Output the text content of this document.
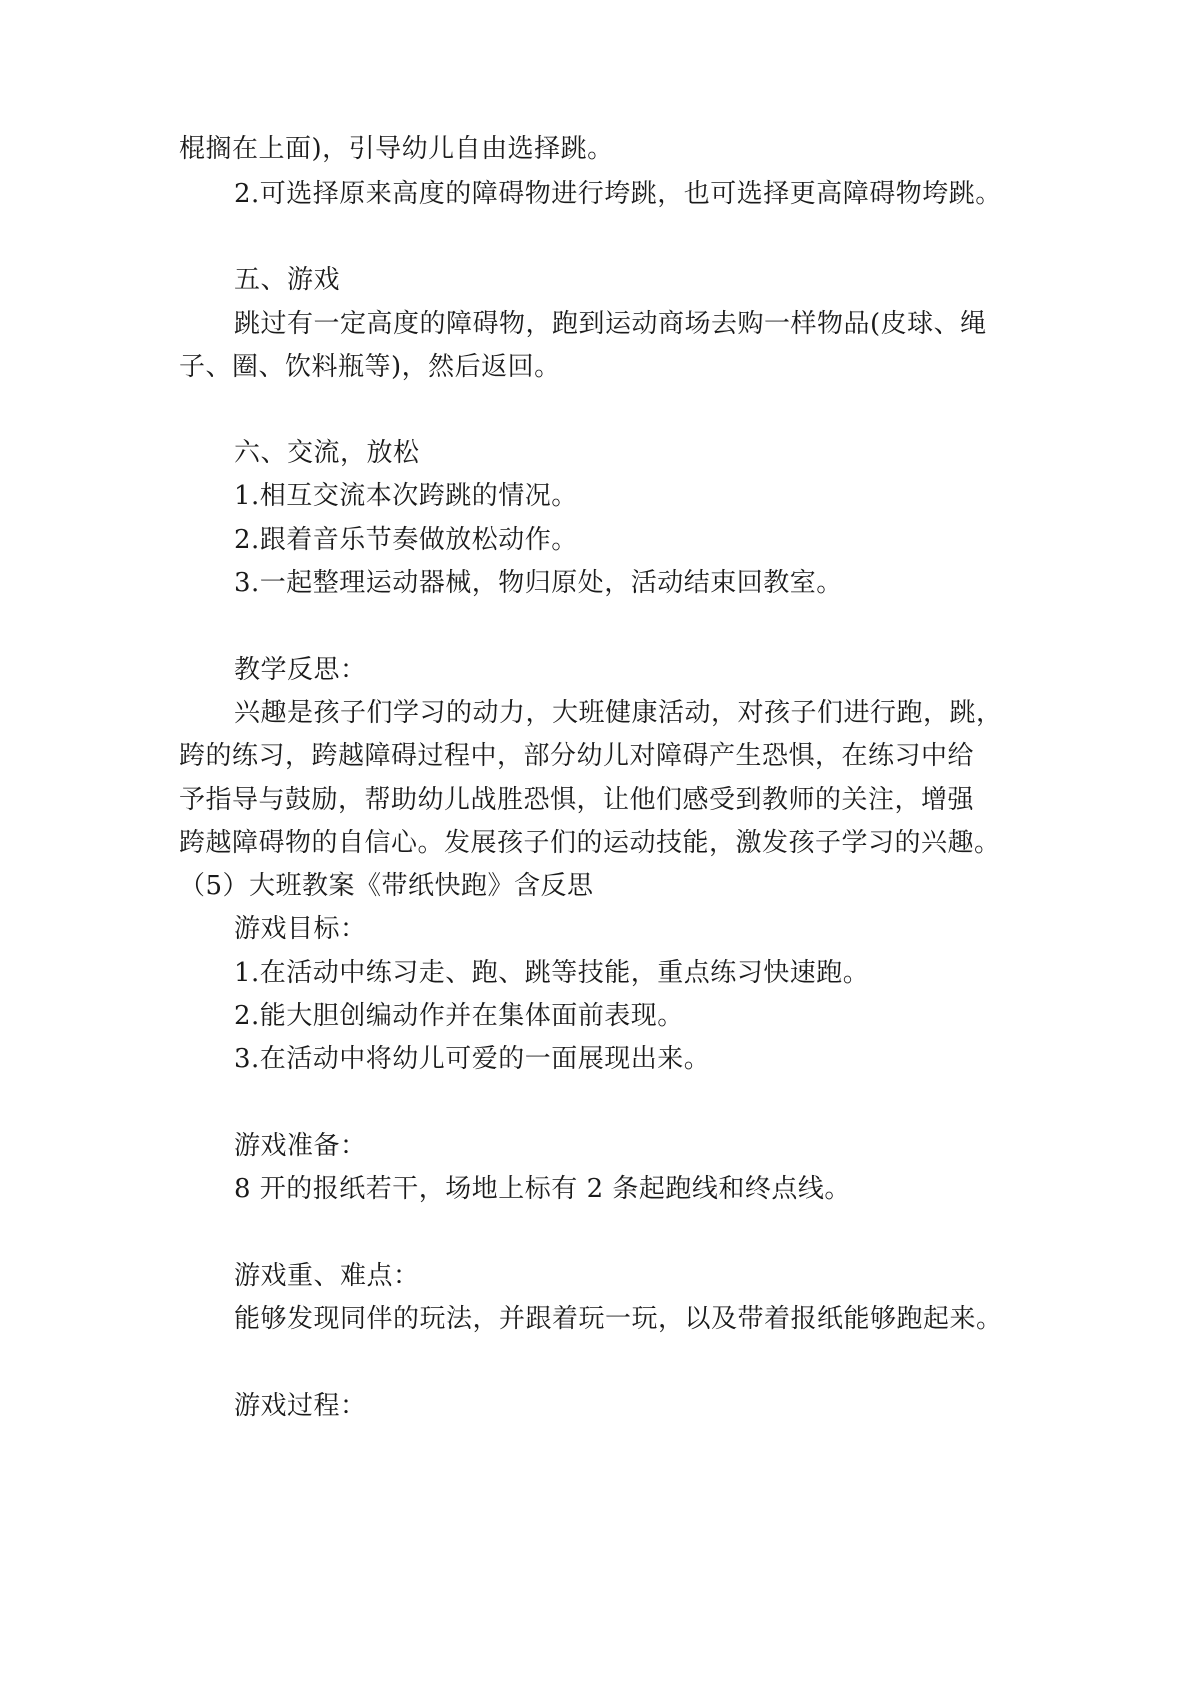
棍搁在上面)，引导幼儿自由选择跳。

2.可选择原来高度的障碍物进行垮跳，也可选择更高障碍物垮跳。

五、游戏

跳过有一定高度的障碍物，跑到运动商场去购一样物品(皮球、绳

子、圈、饮料瓶等)，然后返回。

六、交流，放松

1.相互交流本次跨跳的情况。

2.跟着音乐节奏做放松动作。

3.一起整理运动器械，物归原处，活动结束回教室。

教学反思：

兴趣是孩子们学习的动力，大班健康活动，对孩子们进行跑，跳，

跨的练习，跨越障碍过程中，部分幼儿对障碍产生恐惧，在练习中给

予指导与鼓励，帮助幼儿战胜恐惧，让他们感受到教师的关注，增强

跨越障碍物的自信心。发展孩子们的运动技能，激发孩子学习的兴趣。

（5）大班教案《带纸快跑》含反思

游戏目标：

1.在活动中练习走、跑、跳等技能，重点练习快速跑。

2.能大胆创编动作并在集体面前表现。

3.在活动中将幼儿可爱的一面展现出来。

游戏准备：

8 开的报纸若干，场地上标有 2 条起跑线和终点线。

游戏重、难点：

能够发现同伴的玩法，并跟着玩一玩，以及带着报纸能够跑起来。

游戏过程：
